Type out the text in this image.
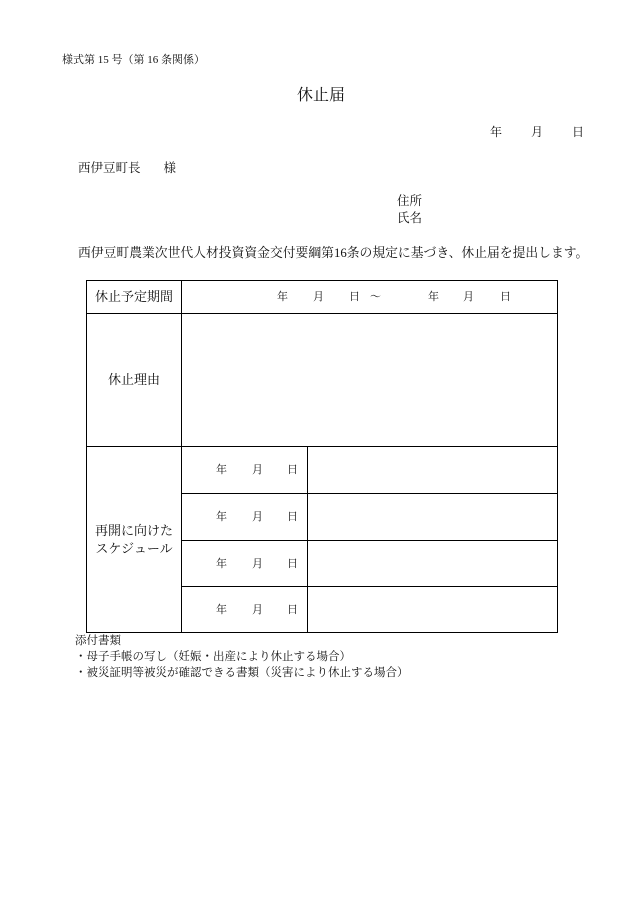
様式第 15 号（第 16 条関係）
休止届
年 月 日
西伊豆町長 様
住所
氏名
西伊豆町農業次世代人材投資資金交付要綱第16条の規定に基づき、休止届を提出します。
休止予定期間	年 月 日 ～	年 月 日
休止理由
再開に向けた
スケジュール
年 月 日
年 月 日
年 月 日
年 月 日
添付書類
・母子手帳の写し（妊娠・出産により休止する場合）
・被災証明等被災が確認できる書類（災害により休止する場合）
